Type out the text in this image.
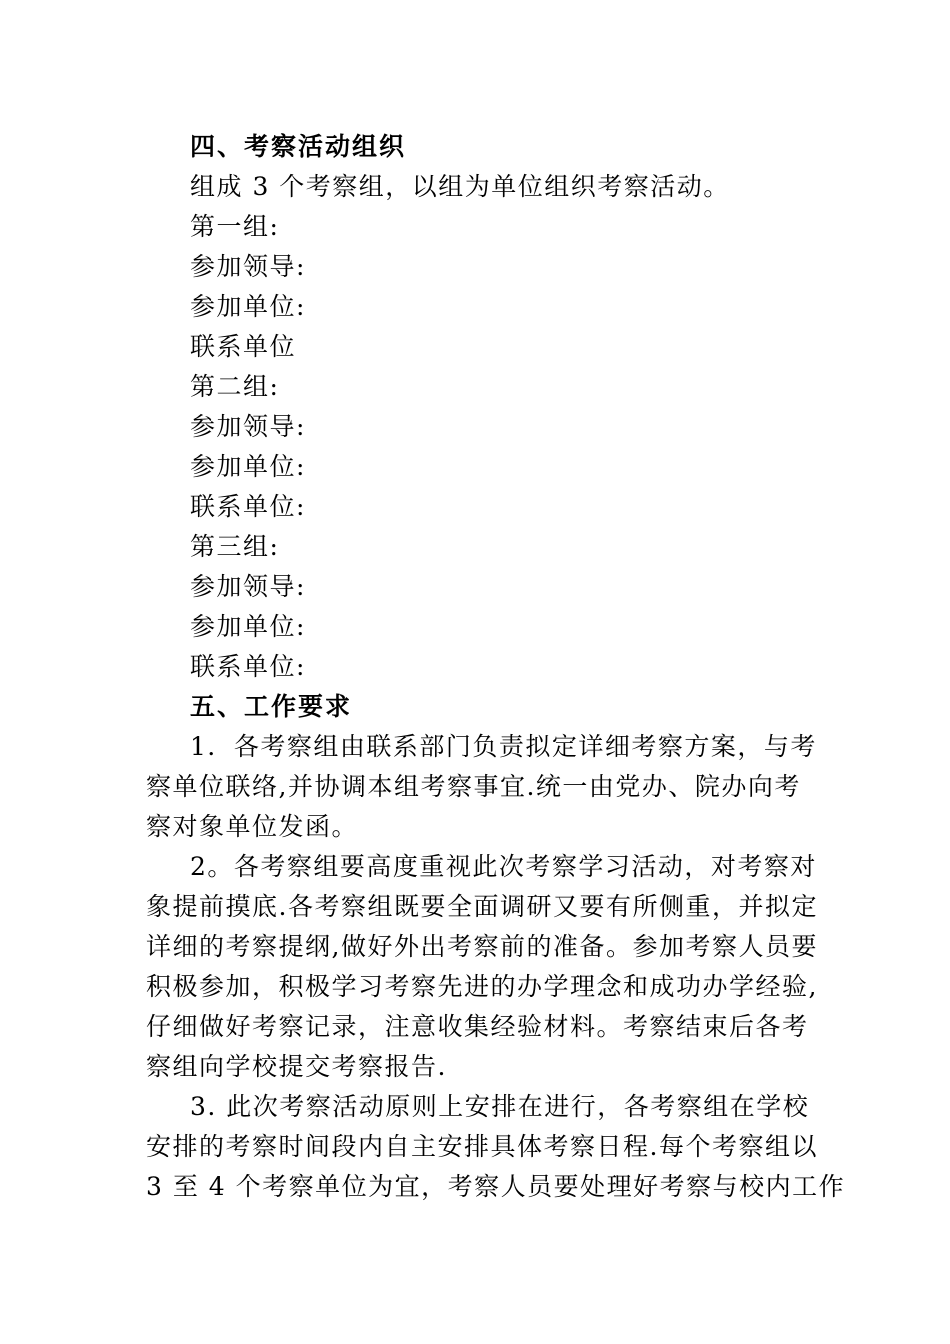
四、考察活动组织
组成 3 个考察组，以组为单位组织考察活动。
第一组:
参加领导:
参加单位:
联系单位
第二组:
参加领导:
参加单位:
联系单位:
第三组:
参加领导:
参加单位:
联系单位:
五、工作要求
1．各考察组由联系部门负责拟定详细考察方案，与考
察单位联络,并协调本组考察事宜.统一由党办、院办向考
察对象单位发函。
2。各考察组要高度重视此次考察学习活动，对考察对
象提前摸底.各考察组既要全面调研又要有所侧重，并拟定
详细的考察提纲,做好外出考察前的准备。参加考察人员要
积极参加，积极学习考察先进的办学理念和成功办学经验,
仔细做好考察记录，注意收集经验材料。考察结束后各考
察组向学校提交考察报告.
3. 此次考察活动原则上安排在进行，各考察组在学校
安排的考察时间段内自主安排具体考察日程.每个考察组以
3 至 4 个考察单位为宜，考察人员要处理好考察与校内工作
